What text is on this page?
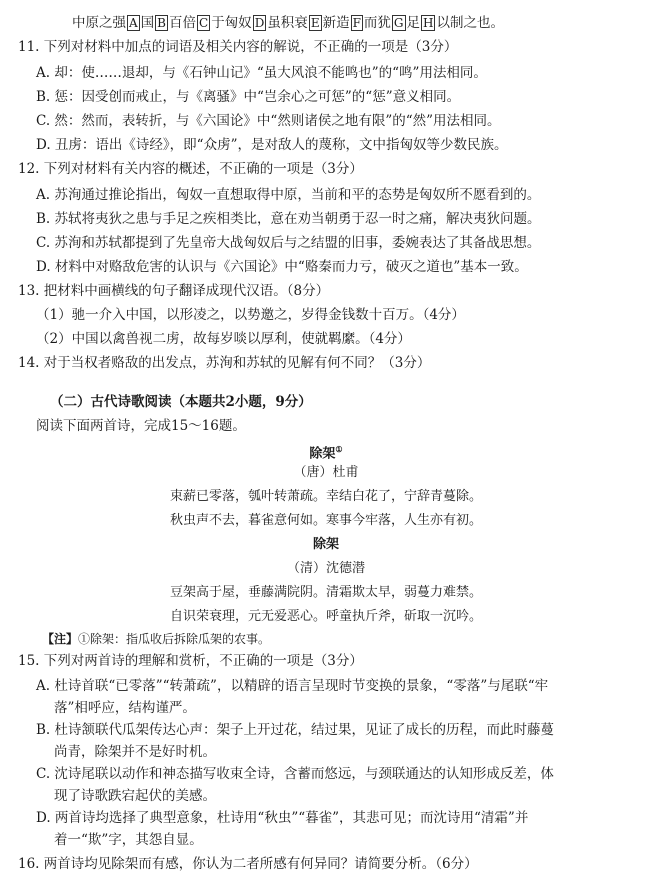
中原之强 A 国 B 百倍 C 于匈奴 D 虽积衰 E 新造 F 而犹 G 足 H 以制之也。
11. 下列对材料中加点的词语及相关内容的解说，不正确的一项是（3分）
A. 却：使……退却，与《石钟山记》“虽大风浪不能鸣也”的“鸣”用法相同。
B. 惩：因受创而戒止，与《离骚》中“岂余心之可惩”的“惩”意义相同。
C. 然：然而，表转折，与《六国论》中“然则诸侯之地有限”的“然”用法相同。
D. 丑虏：语出《诗经》，即“众虏”，是对敌人的蔑称，文中指匈奴等少数民族。
12. 下列对材料有关内容的概述，不正确的一项是（3分）
A. 苏洵通过推论指出，匈奴一直想取得中原，当前和平的态势是匈奴所不愿看到的。
B. 苏轼将夷狄之患与手足之疾相类比，意在劝当朝勇于忍一时之痛，解决夷狄问题。
C. 苏洵和苏轼都提到了先皇帝大战匈奴后与之结盟的旧事，委婉表达了其备战思想。
D. 材料中对赂敌危害的认识与《六国论》中“赂秦而力亏，破灭之道也”基本一致。
13. 把材料中画横线的句子翻译成现代汉语。（8分）
（1）驰一介入中国，以形凌之，以势邀之，岁得金钱数十百万。（4分）
（2）中国以禽兽视二虏，故每岁啖以厚利，使就羁縻。（4分）
14. 对于当权者赂敌的出发点，苏洵和苏轼的见解有何不同？（3分）
（二）古代诗歌阅读（本题共2小题，9分）
阅读下面两首诗，完成15～16题。
除架①
（唐）杜甫
束薪已零落，瓠叶转萧疏。幸结白花了，宁辞青蔓除。
秋虫声不去，暮雀意何如。寒事今牢落，人生亦有初。
除架
（清）沈德潜
豆架高于屋，垂藤满院阴。清霜欺太早，弱蔓力难禁。
自识荣衰理，元无爱恶心。呼童执斤斧，斫取一沉吟。
【注】①除架：指瓜收后拆除瓜架的农事。
15. 下列对两首诗的理解和赏析，不正确的一项是（3分）
A. 杜诗首联“已零落”“转萧疏”，以精辟的语言呈现时节变换的景象，“零落”与尾联“牢
落”相呼应，结构谨严。
B. 杜诗颔联代瓜架传达心声：架子上开过花，结过果，见证了成长的历程，而此时藤蔓
尚青，除架并不是好时机。
C. 沈诗尾联以动作和神态描写收束全诗，含蓄而悠远，与颈联通达的认知形成反差，体
现了诗歌跌宕起伏的美感。
D. 两首诗均选择了典型意象，杜诗用“秋虫”“暮雀”，其悲可见；而沈诗用“清霜”并
着一“欺”字，其怨自显。
16. 两首诗均见除架而有感，你认为二者所感有何异同？请简要分析。（6分）
